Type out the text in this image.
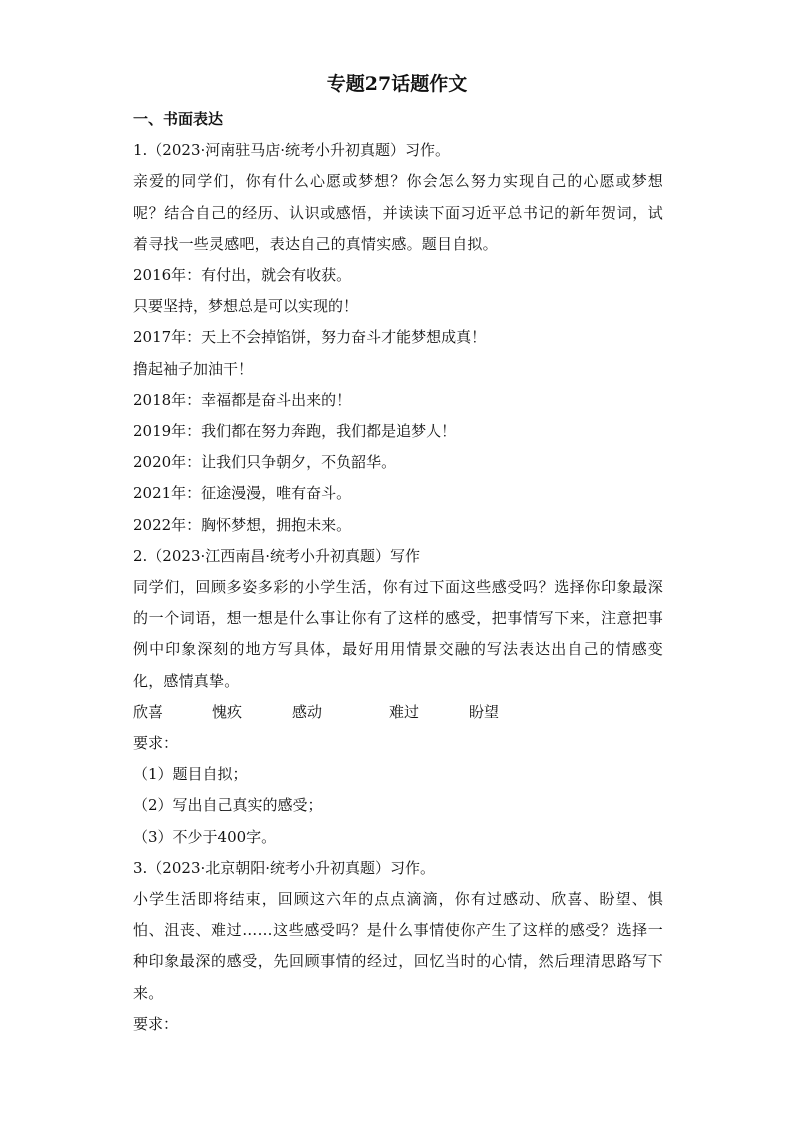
专题27话题作文
一、书面表达
1.（2023·河南驻马店·统考小升初真题）习作。
亲爱的同学们，你有什么心愿或梦想？你会怎么努力实现自己的心愿或梦想呢？结合自己的经历、认识或感悟，并读读下面习近平总书记的新年贺词，试着寻找一些灵感吧，表达自己的真情实感。题目自拟。
2016年：有付出，就会有收获。
只要坚持，梦想总是可以实现的！
2017年：天上不会掉馅饼，努力奋斗才能梦想成真！
撸起袖子加油干！
2018年：幸福都是奋斗出来的！
2019年：我们都在努力奔跑，我们都是追梦人！
2020年：让我们只争朝夕，不负韶华。
2021年：征途漫漫，唯有奋斗。
2022年：胸怀梦想，拥抱未来。
2.（2023·江西南昌·统考小升初真题）写作
同学们，回顾多姿多彩的小学生活，你有过下面这些感受吗？选择你印象最深的一个词语，想一想是什么事让你有了这样的感受，把事情写下来，注意把事例中印象深刻的地方写具体，最好用用情景交融的写法表达出自己的情感变化，感情真挚。
欣喜	愧疚	感动	难过	盼望
要求：
（1）题目自拟；
（2）写出自己真实的感受；
（3）不少于400字。
3.（2023·北京朝阳·统考小升初真题）习作。
小学生活即将结束，回顾这六年的点点滴滴，你有过感动、欣喜、盼望、惧怕、沮丧、难过……这些感受吗？是什么事情使你产生了这样的感受？选择一种印象最深的感受，先回顾事情的经过，回忆当时的心情，然后理清思路写下来。
要求：
